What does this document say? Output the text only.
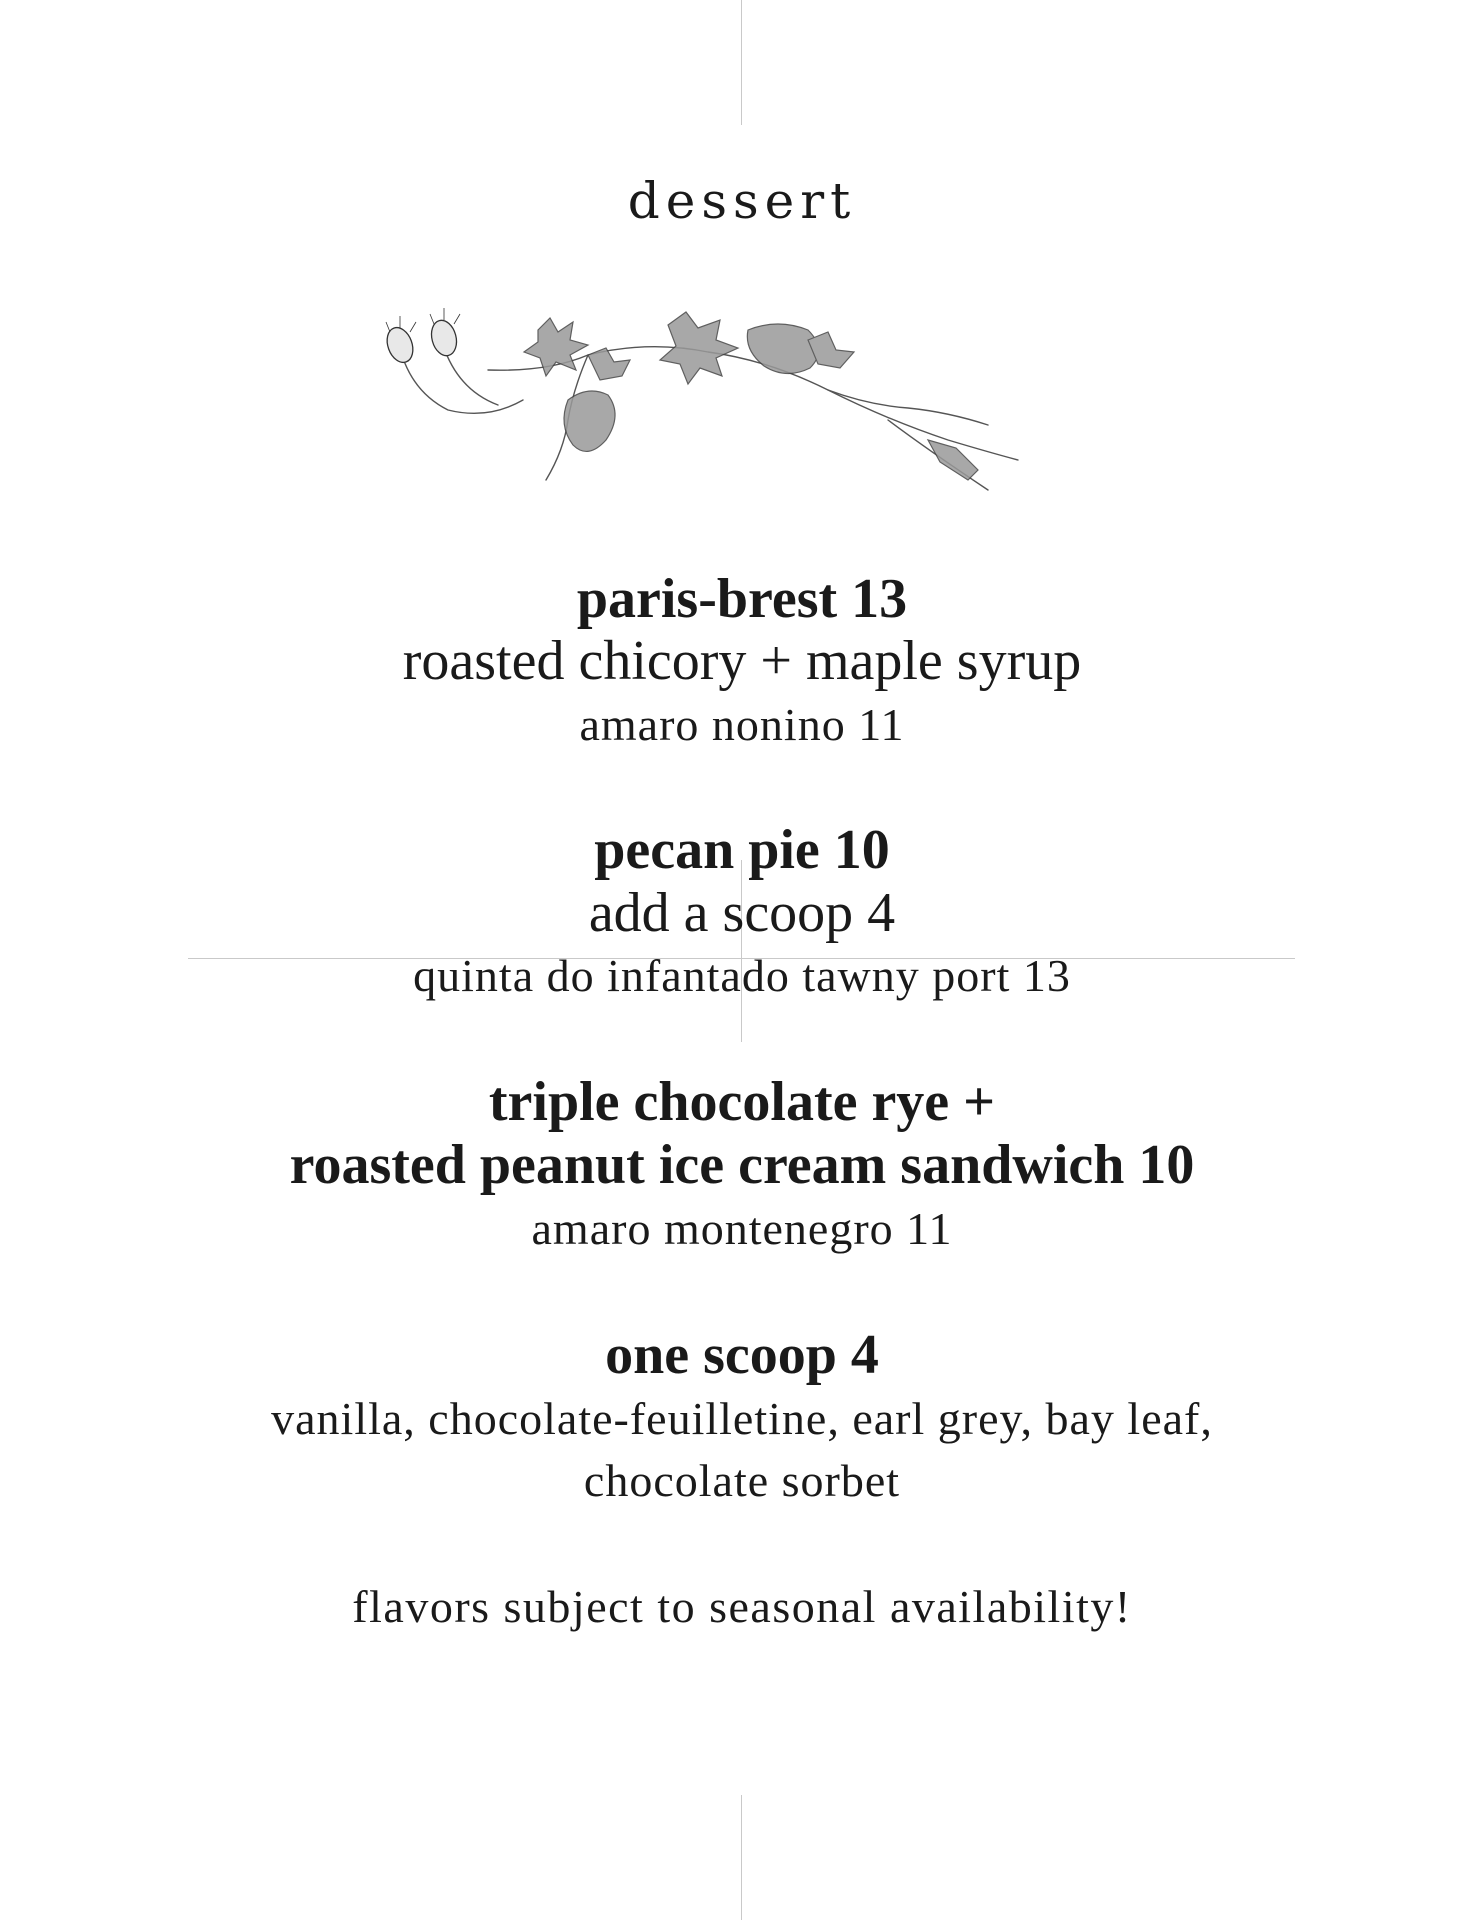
dessert
paris-brest 13
roasted chicory + maple syrup
amaro nonino 11
pecan pie 10
add a scoop 4
quinta do infantado tawny port 13
triple chocolate rye +
roasted peanut ice cream sandwich 10
amaro montenegro 11
one scoop 4
vanilla, chocolate-feuilletine, earl grey, bay leaf,
chocolate sorbet
flavors subject to seasonal availability!
